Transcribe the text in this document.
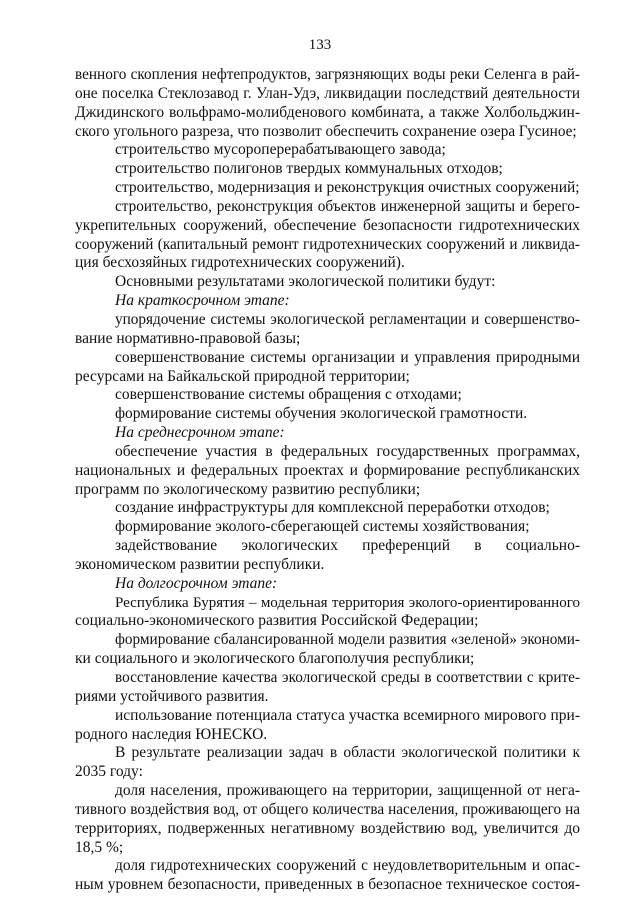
133

венного скопления нефтепродуктов, загрязняющих воды реки Селенга в рай-

оне поселка Стеклозавод г. Улан-Удэ, ликвидации последствий деятельности

Джидинского вольфрамо-молибденового комбината, а также Холбольджин-

ского угольного разреза, что позволит обеспечить сохранение озера Гусиное;

строительство мусороперерабатывающего завода;

строительство полигонов твердых коммунальных отходов;

строительство, модернизация и реконструкция очистных сооружений;

строительство, реконструкция объектов инженерной защиты и берего-

укрепительных сооружений, обеспечение безопасности гидротехнических

сооружений (капитальный ремонт гидротехнических сооружений и ликвида-

ция бесхозяйных гидротехнических сооружений).

Основными результатами экологической политики будут:

На краткосрочном этапе:

упорядочение системы экологической регламентации и совершенство-

вание нормативно-правовой базы;

совершенствование системы организации и управления природными

ресурсами на Байкальской природной территории;

совершенствование системы обращения с отходами;

формирование системы обучения экологической грамотности.

На среднесрочном этапе:

обеспечение участия в федеральных государственных программах,

национальных и федеральных проектах и формирование республиканских

программ по экологическому развитию республики;

создание инфраструктуры для комплексной переработки отходов;

формирование эколого-сберегающей системы хозяйствования;

задействование экологических преференций в социально-

экономическом развитии республики.

На долгосрочном этапе:

Республика Бурятия – модельная территория эколого-ориентированного

социально-экономического развития Российской Федерации;

формирование сбалансированной модели развития «зеленой» экономи-

ки социального и экологического благополучия республики;

восстановление качества экологической среды в соответствии с крите-

риями устойчивого развития.

использование потенциала статуса участка всемирного мирового при-

родного наследия ЮНЕСКО.

В результате реализации задач в области экологической политики к

2035 году:

доля населения, проживающего на территории, защищенной от нега-

тивного воздействия вод, от общего количества населения, проживающего на

территориях, подверженных негативному воздействию вод, увеличится до

18,5 %;

доля гидротехнических сооружений с неудовлетворительным и опас-

ным уровнем безопасности, приведенных в безопасное техническое состоя-
